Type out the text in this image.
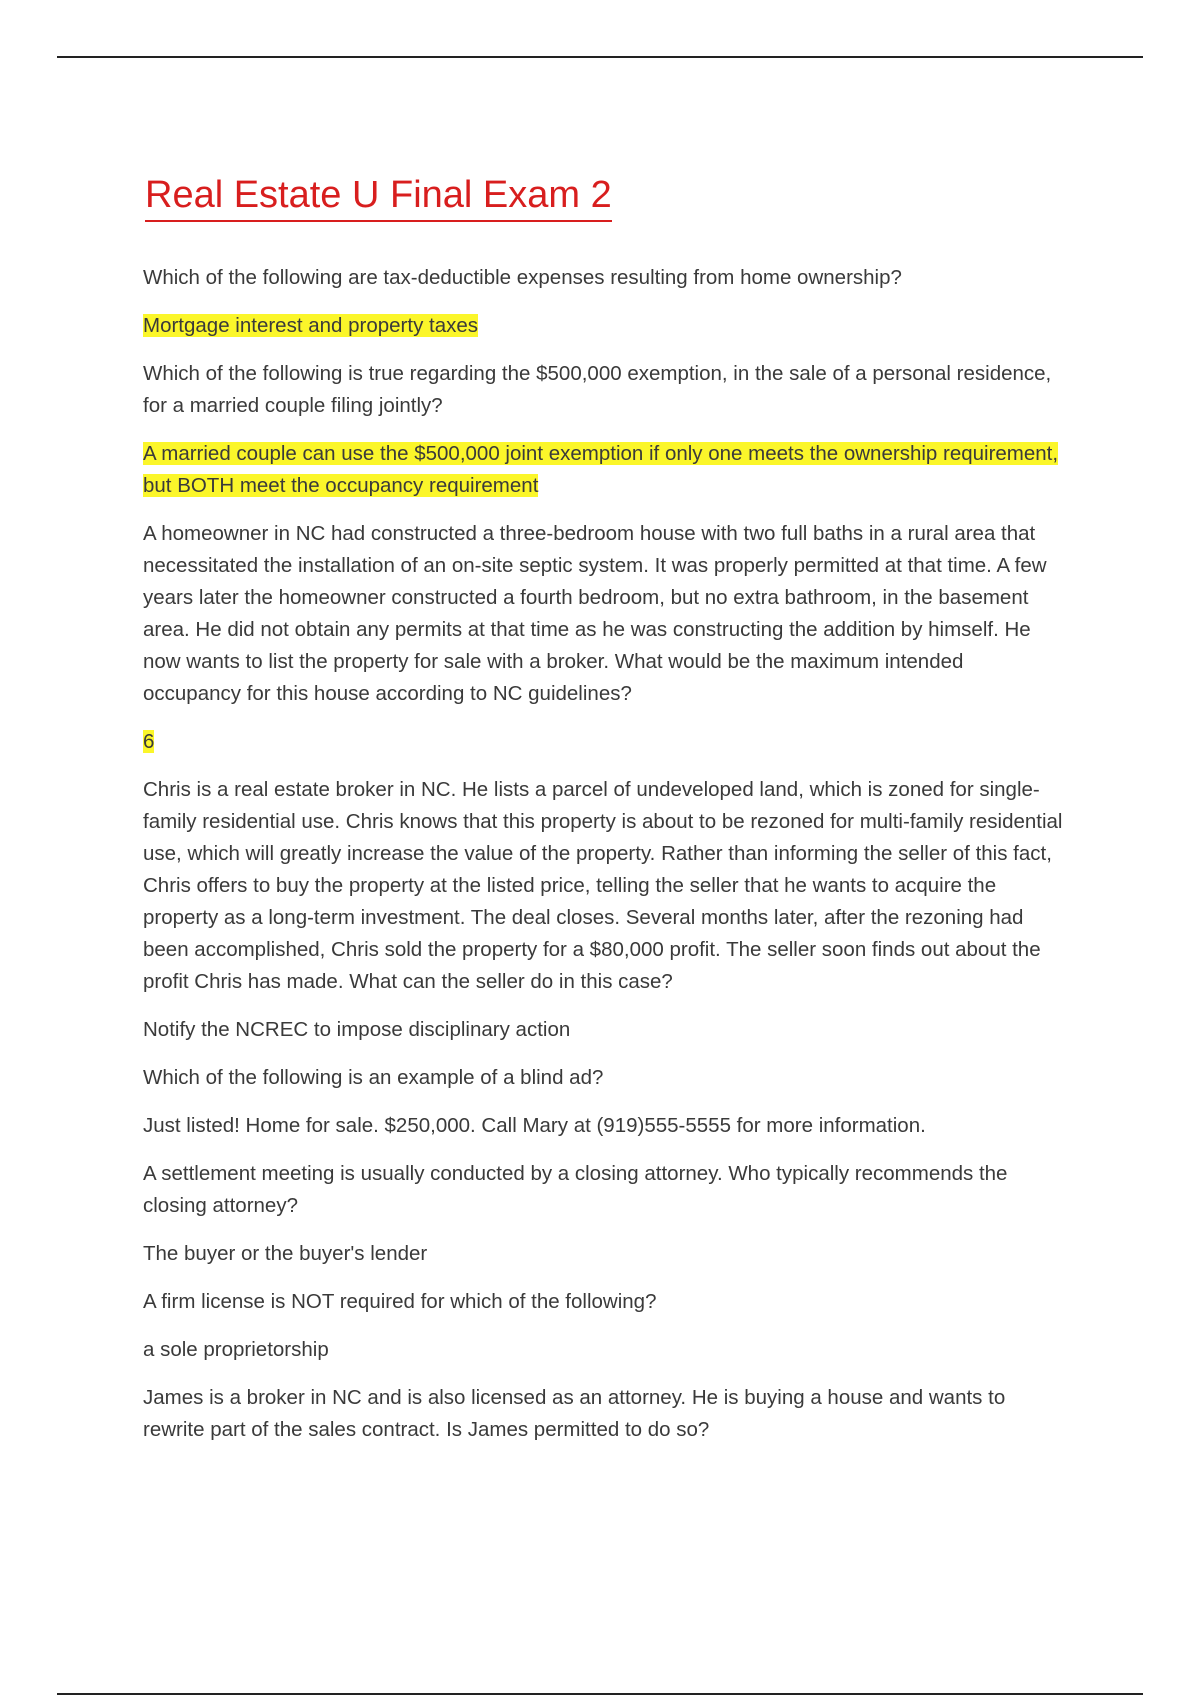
Real Estate U Final Exam 2

Which of the following are tax-deductible expenses resulting from home ownership?

Mortgage interest and property taxes

Which of the following is true regarding the $500,000 exemption, in the sale of a personal residence, for a married couple filing jointly?

A married couple can use the $500,000 joint exemption if only one meets the ownership requirement,
but BOTH meet the occupancy requirement

A homeowner in NC had constructed a three-bedroom house with two full baths in a rural area that necessitated the installation of an on-site septic system. It was properly permitted at that time. A few years later the homeowner constructed a fourth bedroom, but no extra bathroom, in the basement area. He did not obtain any permits at that time as he was constructing the addition by himself. He now wants to list the property for sale with a broker. What would be the maximum intended occupancy for this house according to NC guidelines?

6

Chris is a real estate broker in NC. He lists a parcel of undeveloped land, which is zoned for single-family residential use. Chris knows that this property is about to be rezoned for multi-family residential use, which will greatly increase the value of the property. Rather than informing the seller of this fact, Chris offers to buy the property at the listed price, telling the seller that he wants to acquire the property as a long-term investment. The deal closes. Several months later, after the rezoning had been accomplished, Chris sold the property for a $80,000 profit. The seller soon finds out about the profit Chris has made. What can the seller do in this case?

Notify the NCREC to impose disciplinary action

Which of the following is an example of a blind ad?

Just listed! Home for sale. $250,000. Call Mary at (919)555-5555 for more information.

A settlement meeting is usually conducted by a closing attorney. Who typically recommends the closing attorney?

The buyer or the buyer's lender

A firm license is NOT required for which of the following?

a sole proprietorship

James is a broker in NC and is also licensed as an attorney. He is buying a house and wants to rewrite part of the sales contract. Is James permitted to do so?
